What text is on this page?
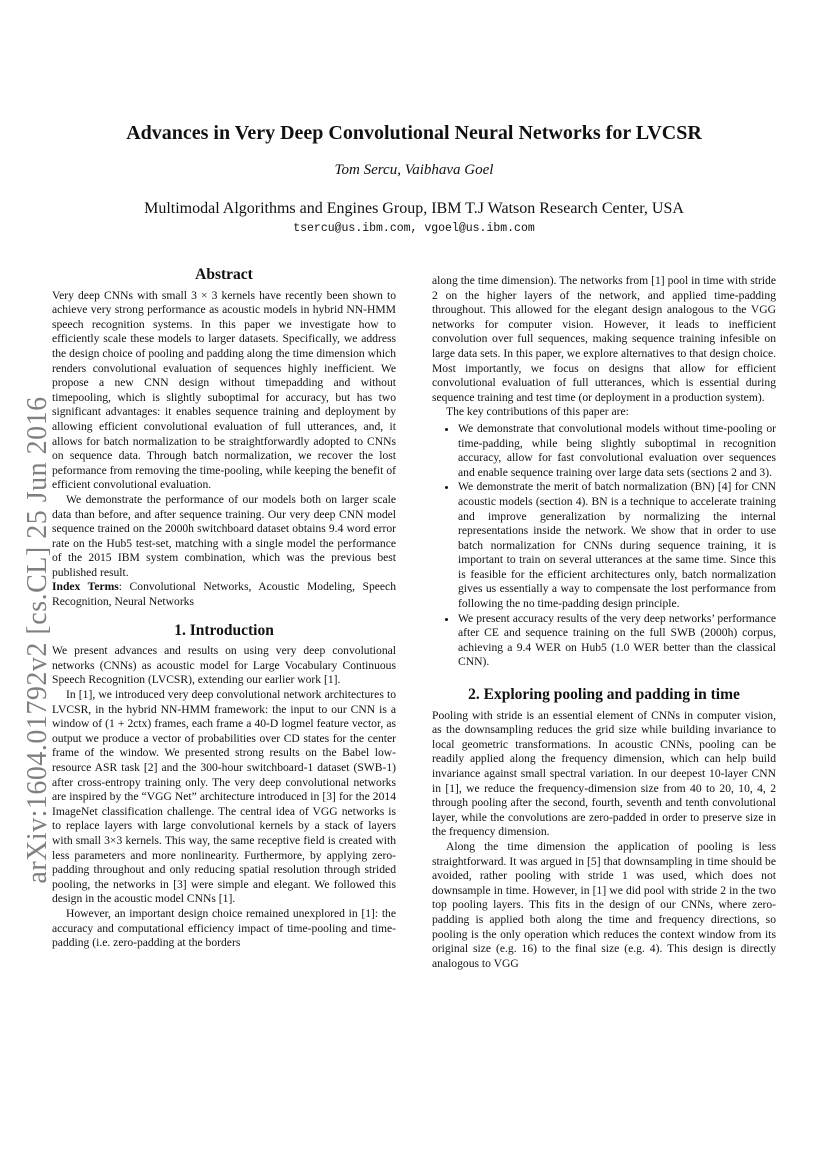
arXiv:1604.01792v2 [cs.CL] 25 Jun 2016
Advances in Very Deep Convolutional Neural Networks for LVCSR
Tom Sercu, Vaibhava Goel
Multimodal Algorithms and Engines Group, IBM T.J Watson Research Center, USA
tsercu@us.ibm.com, vgoel@us.ibm.com
Abstract

Very deep CNNs with small 3 × 3 kernels have recently been shown to achieve very strong performance as acoustic models in hybrid NN-HMM speech recognition systems. In this paper we investigate how to efficiently scale these models to larger datasets. Specifically, we address the design choice of pooling and padding along the time dimension which renders convolutional evaluation of sequences highly inefficient. We propose a new CNN design without timepadding and without timepooling, which is slightly suboptimal for accuracy, but has two significant advantages: it enables sequence training and deployment by allowing efficient convolutional evaluation of full utterances, and, it allows for batch normalization to be straightforwardly adopted to CNNs on sequence data. Through batch normalization, we recover the lost peformance from removing the time-pooling, while keeping the benefit of efficient convolutional evaluation.

We demonstrate the performance of our models both on larger scale data than before, and after sequence training. Our very deep CNN model sequence trained on the 2000h switchboard dataset obtains 9.4 word error rate on the Hub5 test-set, matching with a single model the performance of the 2015 IBM system combination, which was the previous best published result.

Index Terms: Convolutional Networks, Acoustic Modeling, Speech Recognition, Neural Networks

1. Introduction

We present advances and results on using very deep convolutional networks (CNNs) as acoustic model for Large Vocabulary Continuous Speech Recognition (LVCSR), extending our earlier work [1].

In [1], we introduced very deep convolutional network architectures to LVCSR, in the hybrid NN-HMM framework: the input to our CNN is a window of (1 + 2ctx) frames, each frame a 40-D logmel feature vector, as output we produce a vector of probabilities over CD states for the center frame of the window. We presented strong results on the Babel low-resource ASR task [2] and the 300-hour switchboard-1 dataset (SWB-1) after cross-entropy training only. The very deep convolutional networks are inspired by the “VGG Net” architecture introduced in [3] for the 2014 ImageNet classification challenge. The central idea of VGG networks is to replace layers with large convolutional kernels by a stack of layers with small 3×3 kernels. This way, the same receptive field is created with less parameters and more nonlinearity. Furthermore, by applying zero-padding throughout and only reducing spatial resolution through strided pooling, the networks in [3] were simple and elegant. We followed this design in the acoustic model CNNs [1].

However, an important design choice remained unexplored in [1]: the accuracy and computational efficiency impact of time-pooling and time-padding (i.e. zero-padding at the borders

along the time dimension). The networks from [1] pool in time with stride 2 on the higher layers of the network, and applied time-padding throughout. This allowed for the elegant design analogous to the VGG networks for computer vision. However, it leads to inefficient convolution over full sequences, making sequence training infesible on large data sets. In this paper, we explore alternatives to that design choice. Most importantly, we focus on designs that allow for efficient convolutional evaluation of full utterances, which is essential during sequence training and test time (or deployment in a production system).

The key contributions of this paper are:

• We demonstrate that convolutional models without time-pooling or time-padding, while being slightly suboptimal in recognition accuracy, allow for fast convolutional evaluation over sequences and enable sequence training over large data sets (sections 2 and 3).
• We demonstrate the merit of batch normalization (BN) [4] for CNN acoustic models (section 4). BN is a technique to accelerate training and improve generalization by normalizing the internal representations inside the network. We show that in order to use batch normalization for CNNs during sequence training, it is important to train on several utterances at the same time. Since this is feasible for the efficient architectures only, batch normalization gives us essentially a way to compensate the lost performance from following the no time-padding design principle.
• We present accuracy results of the very deep networks’ performance after CE and sequence training on the full SWB (2000h) corpus, achieving a 9.4 WER on Hub5 (1.0 WER better than the classical CNN).
2. Exploring pooling and padding in time

Pooling with stride is an essential element of CNNs in computer vision, as the downsampling reduces the grid size while building invariance to local geometric transformations. In acoustic CNNs, pooling can be readily applied along the frequency dimension, which can help build invariance against small spectral variation. In our deepest 10-layer CNN in [1], we reduce the frequency-dimension size from 40 to 20, 10, 4, 2 through pooling after the second, fourth, seventh and tenth convolutional layer, while the convolutions are zero-padded in order to preserve size in the frequency dimension.

Along the time dimension the application of pooling is less straightforward. It was argued in [5] that downsampling in time should be avoided, rather pooling with stride 1 was used, which does not downsample in time. However, in [1] we did pool with stride 2 in the two top pooling layers. This fits in the design of our CNNs, where zero-padding is applied both along the time and frequency directions, so pooling is the only operation which reduces the context window from its original size (e.g. 16) to the final size (e.g. 4). This design is directly analogous to VGG
